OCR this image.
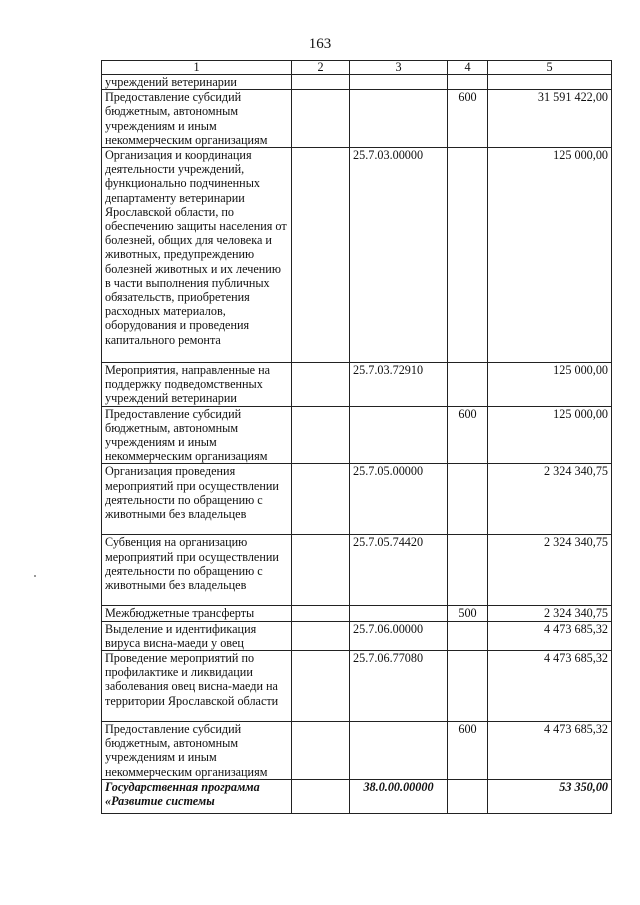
163
1	2	3	4	5
учреждений ветеринарии				
Предоставление субсидий бюджетным, автономным учреждениям и иным некоммерческим организациям			600	31 591 422,00
Организация и координация деятельности учреждений, функционально подчиненных департаменту ветеринарии Ярославской области, по обеспечению защиты населения от болезней, общих для человека и животных, предупреждению болезней животных и их лечению в части выполнения публичных обязательств, приобретения расходных материалов, оборудования и проведения капитального ремонта		25.7.03.00000		125 000,00
Мероприятия, направленные на поддержку подведомственных учреждений ветеринарии		25.7.03.72910		125 000,00
Предоставление субсидий бюджетным, автономным учреждениям и иным некоммерческим организациям			600	125 000,00
Организация проведения мероприятий при осуществлении деятельности по обращению с животными без владельцев		25.7.05.00000		2 324 340,75
Субвенция на организацию мероприятий при осуществлении деятельности по обращению с животными без владельцев		25.7.05.74420		2 324 340,75
Межбюджетные трансферты			500	2 324 340,75
Выделение и идентификация вируса висна-маеди у овец		25.7.06.00000		4 473 685,32
Проведение мероприятий по профилактике и ликвидации заболевания овец висна-маеди на территории Ярославской области		25.7.06.77080		4 473 685,32
Предоставление субсидий бюджетным, автономным учреждениям и иным некоммерческим организациям			600	4 473 685,32
Государственная программа «Развитие системы		38.0.00.00000		53 350,00
